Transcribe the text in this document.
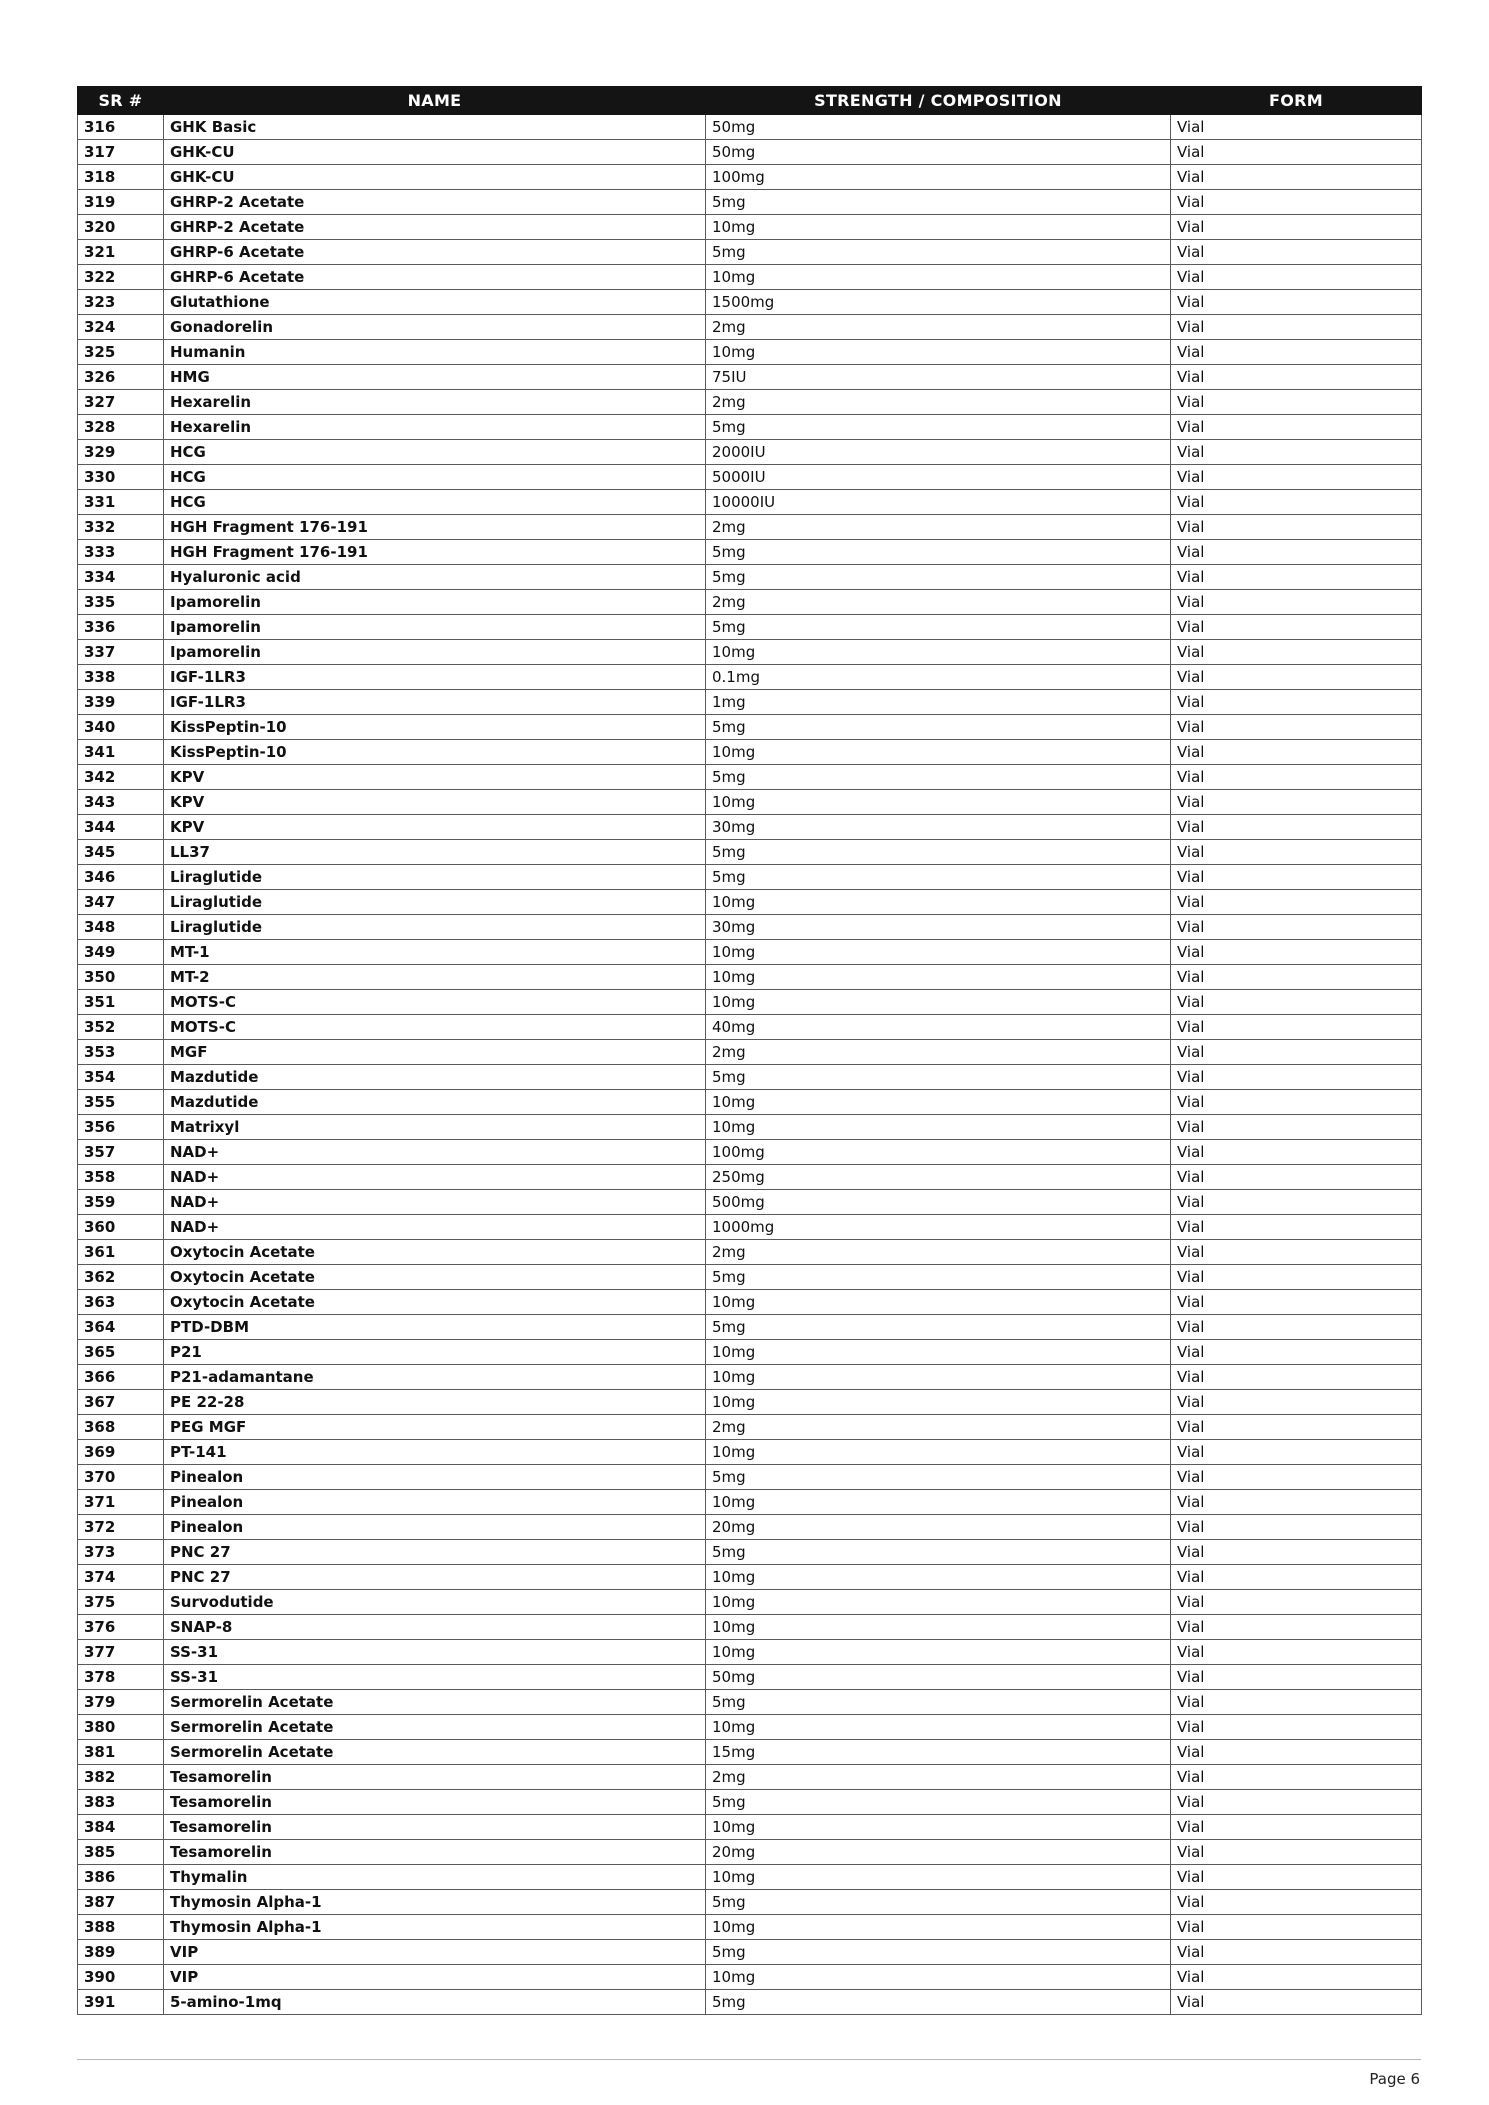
SR #	NAME	STRENGTH / COMPOSITION	FORM
316	GHK Basic	50mg	Vial
317	GHK-CU	50mg	Vial
318	GHK-CU	100mg	Vial
319	GHRP-2 Acetate	5mg	Vial
320	GHRP-2 Acetate	10mg	Vial
321	GHRP-6 Acetate	5mg	Vial
322	GHRP-6 Acetate	10mg	Vial
323	Glutathione	1500mg	Vial
324	Gonadorelin	2mg	Vial
325	Humanin	10mg	Vial
326	HMG	75IU	Vial
327	Hexarelin	2mg	Vial
328	Hexarelin	5mg	Vial
329	HCG	2000IU	Vial
330	HCG	5000IU	Vial
331	HCG	10000IU	Vial
332	HGH Fragment 176-191	2mg	Vial
333	HGH Fragment 176-191	5mg	Vial
334	Hyaluronic acid	5mg	Vial
335	Ipamorelin	2mg	Vial
336	Ipamorelin	5mg	Vial
337	Ipamorelin	10mg	Vial
338	IGF-1LR3	0.1mg	Vial
339	IGF-1LR3	1mg	Vial
340	KissPeptin-10	5mg	Vial
341	KissPeptin-10	10mg	Vial
342	KPV	5mg	Vial
343	KPV	10mg	Vial
344	KPV	30mg	Vial
345	LL37	5mg	Vial
346	Liraglutide	5mg	Vial
347	Liraglutide	10mg	Vial
348	Liraglutide	30mg	Vial
349	MT-1	10mg	Vial
350	MT-2	10mg	Vial
351	MOTS-C	10mg	Vial
352	MOTS-C	40mg	Vial
353	MGF	2mg	Vial
354	Mazdutide	5mg	Vial
355	Mazdutide	10mg	Vial
356	Matrixyl	10mg	Vial
357	NAD+	100mg	Vial
358	NAD+	250mg	Vial
359	NAD+	500mg	Vial
360	NAD+	1000mg	Vial
361	Oxytocin Acetate	2mg	Vial
362	Oxytocin Acetate	5mg	Vial
363	Oxytocin Acetate	10mg	Vial
364	PTD-DBM	5mg	Vial
365	P21	10mg	Vial
366	P21-adamantane	10mg	Vial
367	PE 22-28	10mg	Vial
368	PEG MGF	2mg	Vial
369	PT-141	10mg	Vial
370	Pinealon	5mg	Vial
371	Pinealon	10mg	Vial
372	Pinealon	20mg	Vial
373	PNC 27	5mg	Vial
374	PNC 27	10mg	Vial
375	Survodutide	10mg	Vial
376	SNAP-8	10mg	Vial
377	SS-31	10mg	Vial
378	SS-31	50mg	Vial
379	Sermorelin Acetate	5mg	Vial
380	Sermorelin Acetate	10mg	Vial
381	Sermorelin Acetate	15mg	Vial
382	Tesamorelin	2mg	Vial
383	Tesamorelin	5mg	Vial
384	Tesamorelin	10mg	Vial
385	Tesamorelin	20mg	Vial
386	Thymalin	10mg	Vial
387	Thymosin Alpha-1	5mg	Vial
388	Thymosin Alpha-1	10mg	Vial
389	VIP	5mg	Vial
390	VIP	10mg	Vial
391	5-amino-1mq	5mg	Vial
Page 6
